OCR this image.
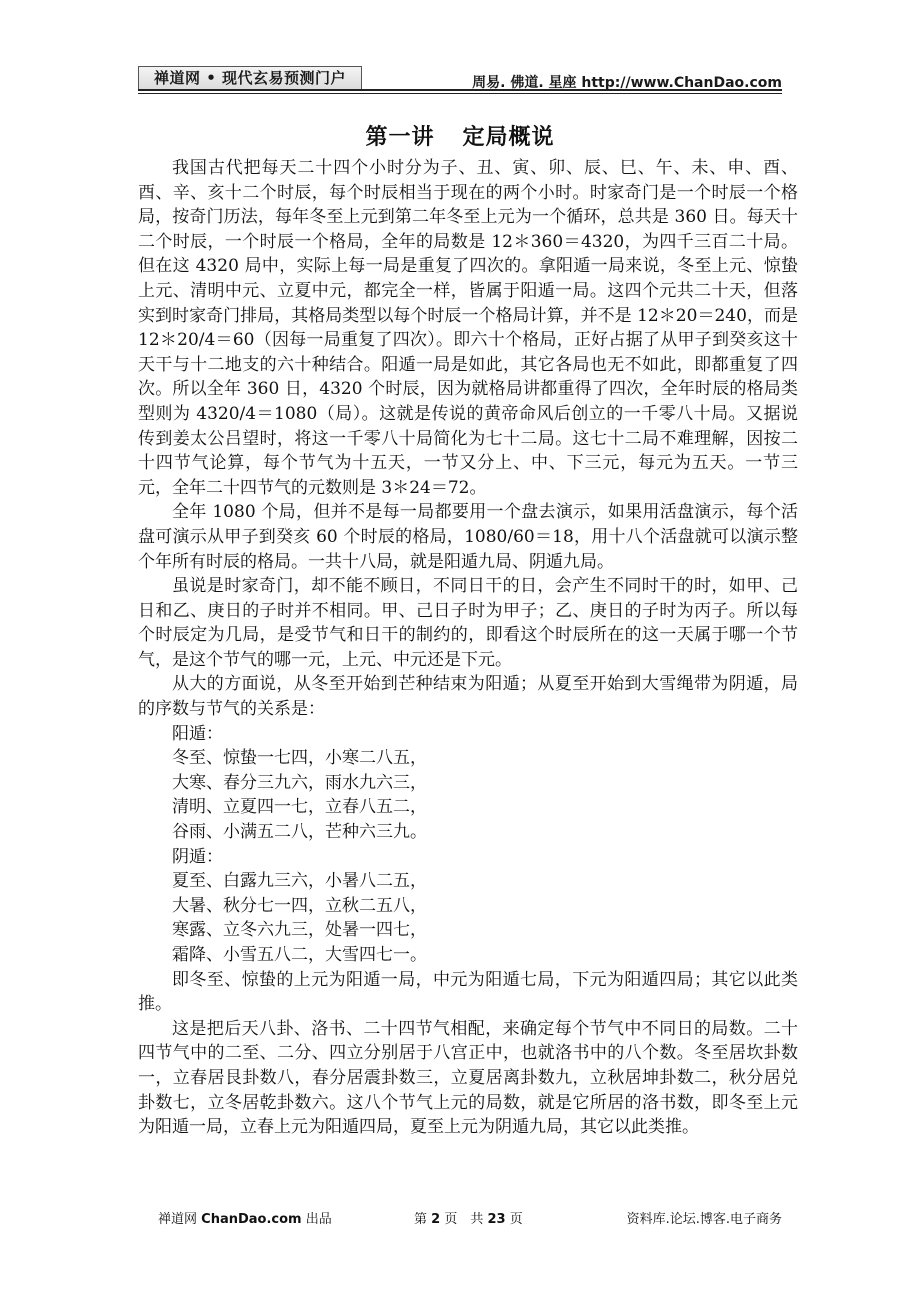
禅道网 • 现代玄易预测门户	周易. 佛道. 星座 http://www.ChanDao.com
第一讲 定局概说

我国古代把每天二十四个小时分为子、丑、寅、卯、辰、巳、午、未、申、酉、酉、辛、亥十二个时辰，每个时辰相当于现在的两个小时。时家奇门是一个时辰一个格局，按奇门历法，每年冬至上元到第二年冬至上元为一个循环，总共是 360 日。每天十二个时辰，一个时辰一个格局，全年的局数是 12＊360＝4320，为四千三百二十局。但在这 4320 局中，实际上每一局是重复了四次的。拿阳遁一局来说，冬至上元、惊蛰上元、清明中元、立夏中元，都完全一样，皆属于阳遁一局。这四个元共二十天，但落实到时家奇门排局，其格局类型以每个时辰一个格局计算，并不是 12＊20＝240，而是 12＊20/4＝60（因每一局重复了四次）。即六十个格局，正好占据了从甲子到癸亥这十天干与十二地支的六十种结合。阳遁一局是如此，其它各局也无不如此，即都重复了四次。所以全年 360 日，4320 个时辰，因为就格局讲都重得了四次，全年时辰的格局类型则为 4320/4＝1080（局）。这就是传说的黄帝命风后创立的一千零八十局。又据说传到姜太公吕望时，将这一千零八十局简化为七十二局。这七十二局不难理解，因按二十四节气论算，每个节气为十五天，一节又分上、中、下三元，每元为五天。一节三元，全年二十四节气的元数则是 3＊24＝72。

全年 1080 个局，但并不是每一局都要用一个盘去演示，如果用活盘演示，每个活盘可演示从甲子到癸亥 60 个时辰的格局，1080/60＝18，用十八个活盘就可以演示整个年所有时辰的格局。一共十八局，就是阳遁九局、阴遁九局。

虽说是时家奇门，却不能不顾日，不同日干的日，会产生不同时干的时，如甲、己日和乙、庚日的子时并不相同。甲、己日子时为甲子；乙、庚日的子时为丙子。所以每个时辰定为几局，是受节气和日干的制约的，即看这个时辰所在的这一天属于哪一个节气，是这个节气的哪一元，上元、中元还是下元。

从大的方面说，从冬至开始到芒种结束为阳遁；从夏至开始到大雪绳带为阴遁，局的序数与节气的关系是：

阳遁：

冬至、惊蛰一七四，小寒二八五，

大寒、春分三九六，雨水九六三，

清明、立夏四一七，立春八五二，

谷雨、小满五二八，芒种六三九。

阴遁：

夏至、白露九三六，小暑八二五，

大暑、秋分七一四，立秋二五八，

寒露、立冬六九三，处暑一四七，

霜降、小雪五八二，大雪四七一。

即冬至、惊蛰的上元为阳遁一局，中元为阳遁七局，下元为阳遁四局；其它以此类推。

这是把后天八卦、洛书、二十四节气相配，来确定每个节气中不同日的局数。二十四节气中的二至、二分、四立分别居于八宫正中，也就洛书中的八个数。冬至居坎卦数一，立春居艮卦数八，春分居震卦数三，立夏居离卦数九，立秋居坤卦数二，秋分居兑卦数七，立冬居乾卦数六。这八个节气上元的局数，就是它所居的洛书数，即冬至上元为阳遁一局，立春上元为阳遁四局，夏至上元为阴遁九局，其它以此类推。

禅道网 ChanDao.com 出品	第 2 页　共 23 页	资料库.论坛.博客.电子商务
